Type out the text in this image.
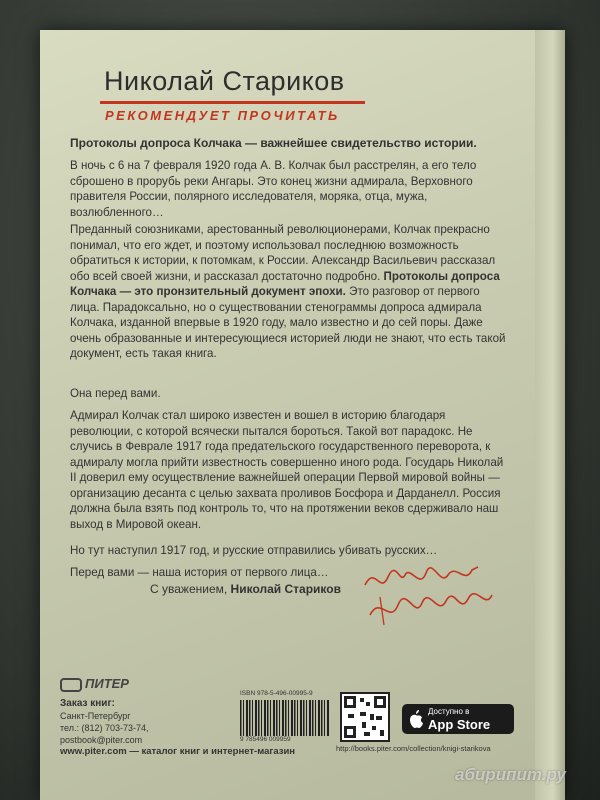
Николай Стариков
РЕКОМЕНДУЕТ ПРОЧИТАТЬ

Протоколы допроса Колчака — важнейшее свидетельство истории.

В ночь с 6 на 7 февраля 1920 года А. В. Колчак был расстрелян, а его тело сброшено в прорубь реки Ангары. Это конец жизни адмирала, Верховного правителя России, полярного исследователя, моряка, отца, мужа, возлюбленного…

Преданный союзниками, арестованный революционерами, Колчак прекрасно понимал, что его ждет, и поэтому использовал последнюю возможность обратиться к истории, к потомкам, к России. Александр Васильевич рассказал обо всей своей жизни, и рассказал достаточно подробно. Протоколы допроса Колчака — это пронзительный документ эпохи. Это разговор от первого лица. Парадоксально, но о существовании стенограммы допроса адмирала Колчака, изданной впервые в 1920 году, мало известно и до сей поры. Даже очень образованные и интересующиеся историей люди не знают, что есть такой документ, есть такая книга.

Она перед вами.

Адмирал Колчак стал широко известен и вошел в историю благодаря революции, с которой всячески пытался бороться. Такой вот парадокс. Не случись в Феврале 1917 года предательского государственного переворота, к адмиралу могла прийти известность совершенно иного рода. Государь Николай II доверил ему осуществление важнейшей операции Первой мировой войны — организацию десанта с целью захвата проливов Босфора и Дарданелл. Россия должна была взять под контроль то, что на протяжении веков сдерживало наш выход в Мировой океан.

Но тут наступил 1917 год, и русские отправились убивать русских…

Перед вами — наша история от первого лица…

С уважением, Николай Стариков
ПИТЕР
Заказ книг:
Санкт-Петербург
тел.: (812) 703-73-74,
postbook@piter.com
www.piter.com — каталог книг и интернет-магазин
ISBN 978-5-496-00995-9
9 785496 009959
Доступно в
App Store
http://books.piter.com/collection/knigi-starikova
абирипит.ру
